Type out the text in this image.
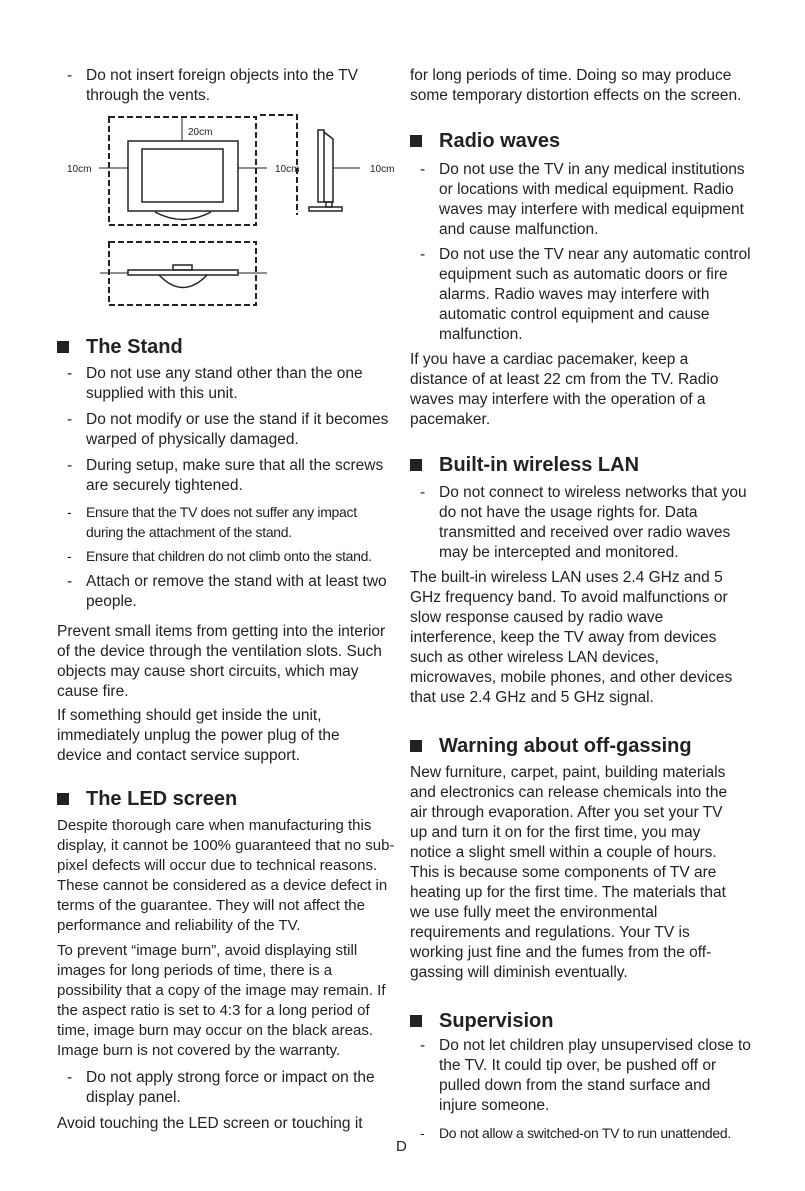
- Do not insert foreign objects into the TV through the vents.
20cm
10cm	10cm	10cm
The Stand
- Do not use any stand other than the one supplied with this unit.
- Do not modify or use the stand if it becomes warped of physically damaged.
- During setup, make sure that all the screws are securely tightened.
- Ensure that the TV does not suffer any impact during the attachment of the stand.
- Ensure that children do not climb onto the stand.
- Attach or remove the stand with at least two people.
Prevent small items from getting into the interior of the device through the ventilation slots. Such objects may cause short circuits, which may cause fire.
If something should get inside the unit, immediately unplug the power plug of the device and contact service support.
The LED screen
Despite thorough care when manufacturing this display, it cannot be 100% guaranteed that no sub-pixel defects will occur due to technical reasons. These cannot be considered as a device defect in terms of the guarantee. They will not affect the performance and reliability of the TV.
To prevent “image burn”, avoid displaying still images for long periods of time, there is a possibility that a copy of the image may remain. If the aspect ratio is set to 4:3 for a long period of time, image burn may occur on the black areas. Image burn is not covered by the warranty.
- Do not apply strong force or impact on the display panel.
Avoid touching the LED screen or touching it
for long periods of time. Doing so may produce some temporary distortion effects on the screen.
Radio waves
- Do not use the TV in any medical institutions or locations with medical equipment. Radio waves may interfere with medical equipment and cause malfunction.
- Do not use the TV near any automatic control equipment such as automatic doors or fire alarms. Radio waves may interfere with automatic control equipment and cause malfunction.
If you have a cardiac pacemaker, keep a distance of at least 22 cm from the TV. Radio waves may interfere with the operation of a pacemaker.
Built-in wireless LAN
- Do not connect to wireless networks that you do not have the usage rights for. Data transmitted and received over radio waves may be intercepted and monitored.
The built-in wireless LAN uses 2.4 GHz and 5 GHz frequency band. To avoid malfunctions or slow response caused by radio wave interference, keep the TV away from devices such as other wireless LAN devices, microwaves, mobile phones, and other devices that use 2.4 GHz and 5 GHz signal.
Warning about off-gassing
New furniture, carpet, paint, building materials and electronics can release chemicals into the air through evaporation. After you set your TV up and turn it on for the first time, you may notice a slight smell within a couple of hours. This is because some components of TV are heating up for the first time. The materials that we use fully meet the environmental requirements and regulations. Your TV is working just fine and the fumes from the off-gassing will diminish eventually.
Supervision
- Do not let children play unsupervised close to the TV. It could tip over, be pushed off or pulled down from the stand surface and injure someone.
- Do not allow a switched-on TV to run unattended.
D
